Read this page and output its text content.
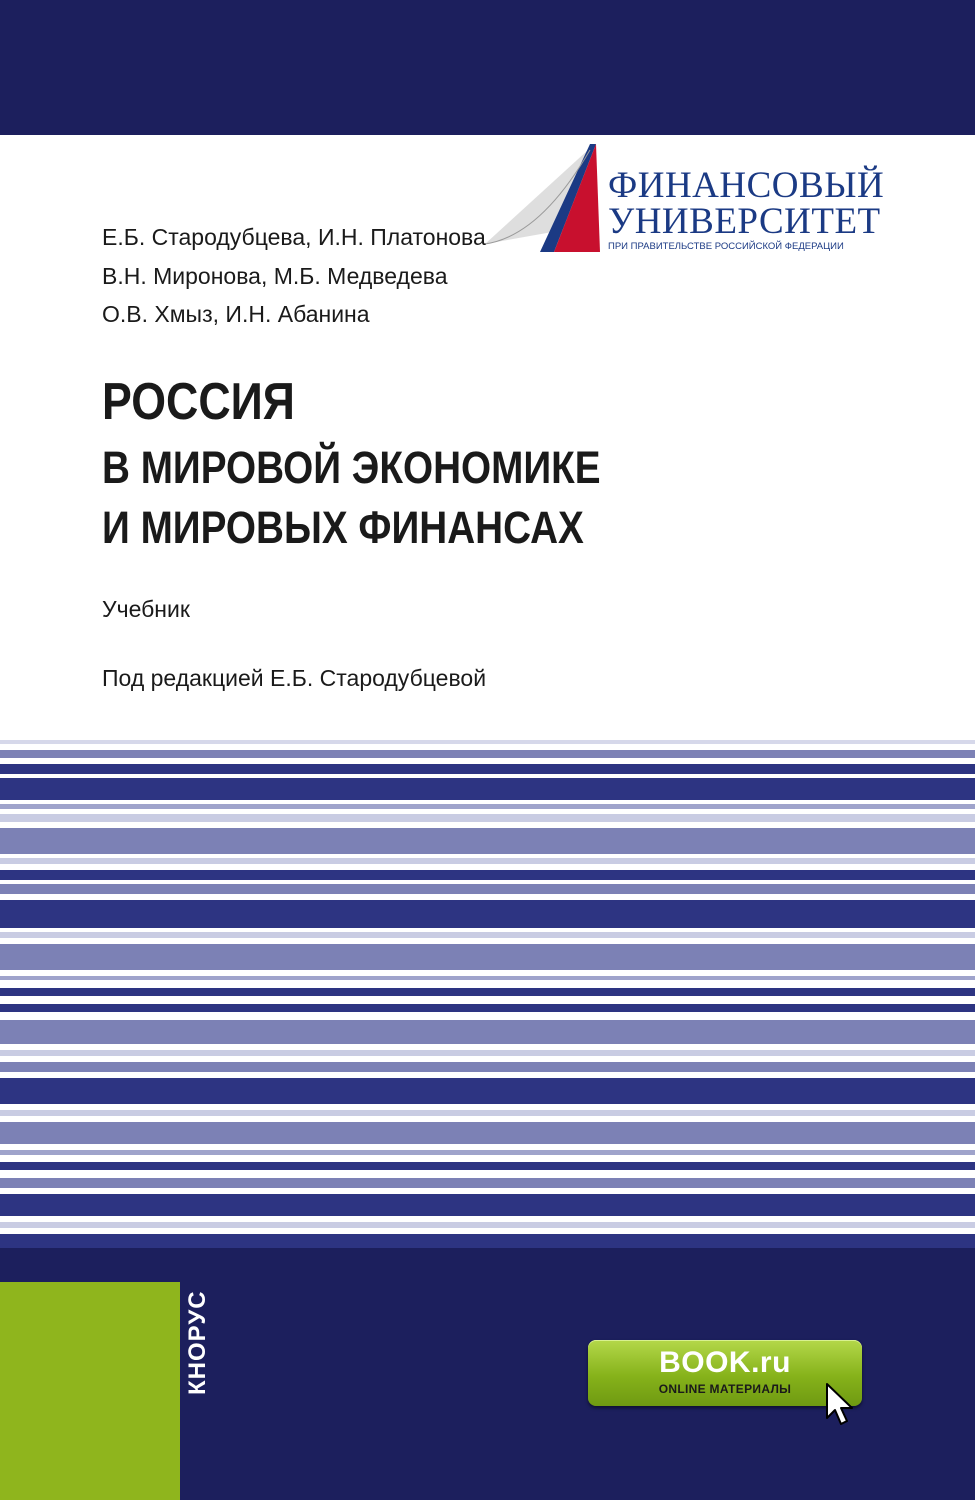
ФИНАНСОВЫЙ
УНИВЕРСИТЕТ
ПРИ ПРАВИТЕЛЬСТВЕ РОССИЙСКОЙ ФЕДЕРАЦИИ
Е.Б. Стародубцева, И.Н. Платонова
В.Н. Миронова, М.Б. Медведева
О.В. Хмыз, И.Н. Абанина
РОССИЯ
В МИРОВОЙ ЭКОНОМИКЕ
И МИРОВЫХ ФИНАНСАХ
Учебник
Под редакцией Е.Б. Стародубцевой
BOOK.ru
ONLINE МАТЕРИАЛЫ
